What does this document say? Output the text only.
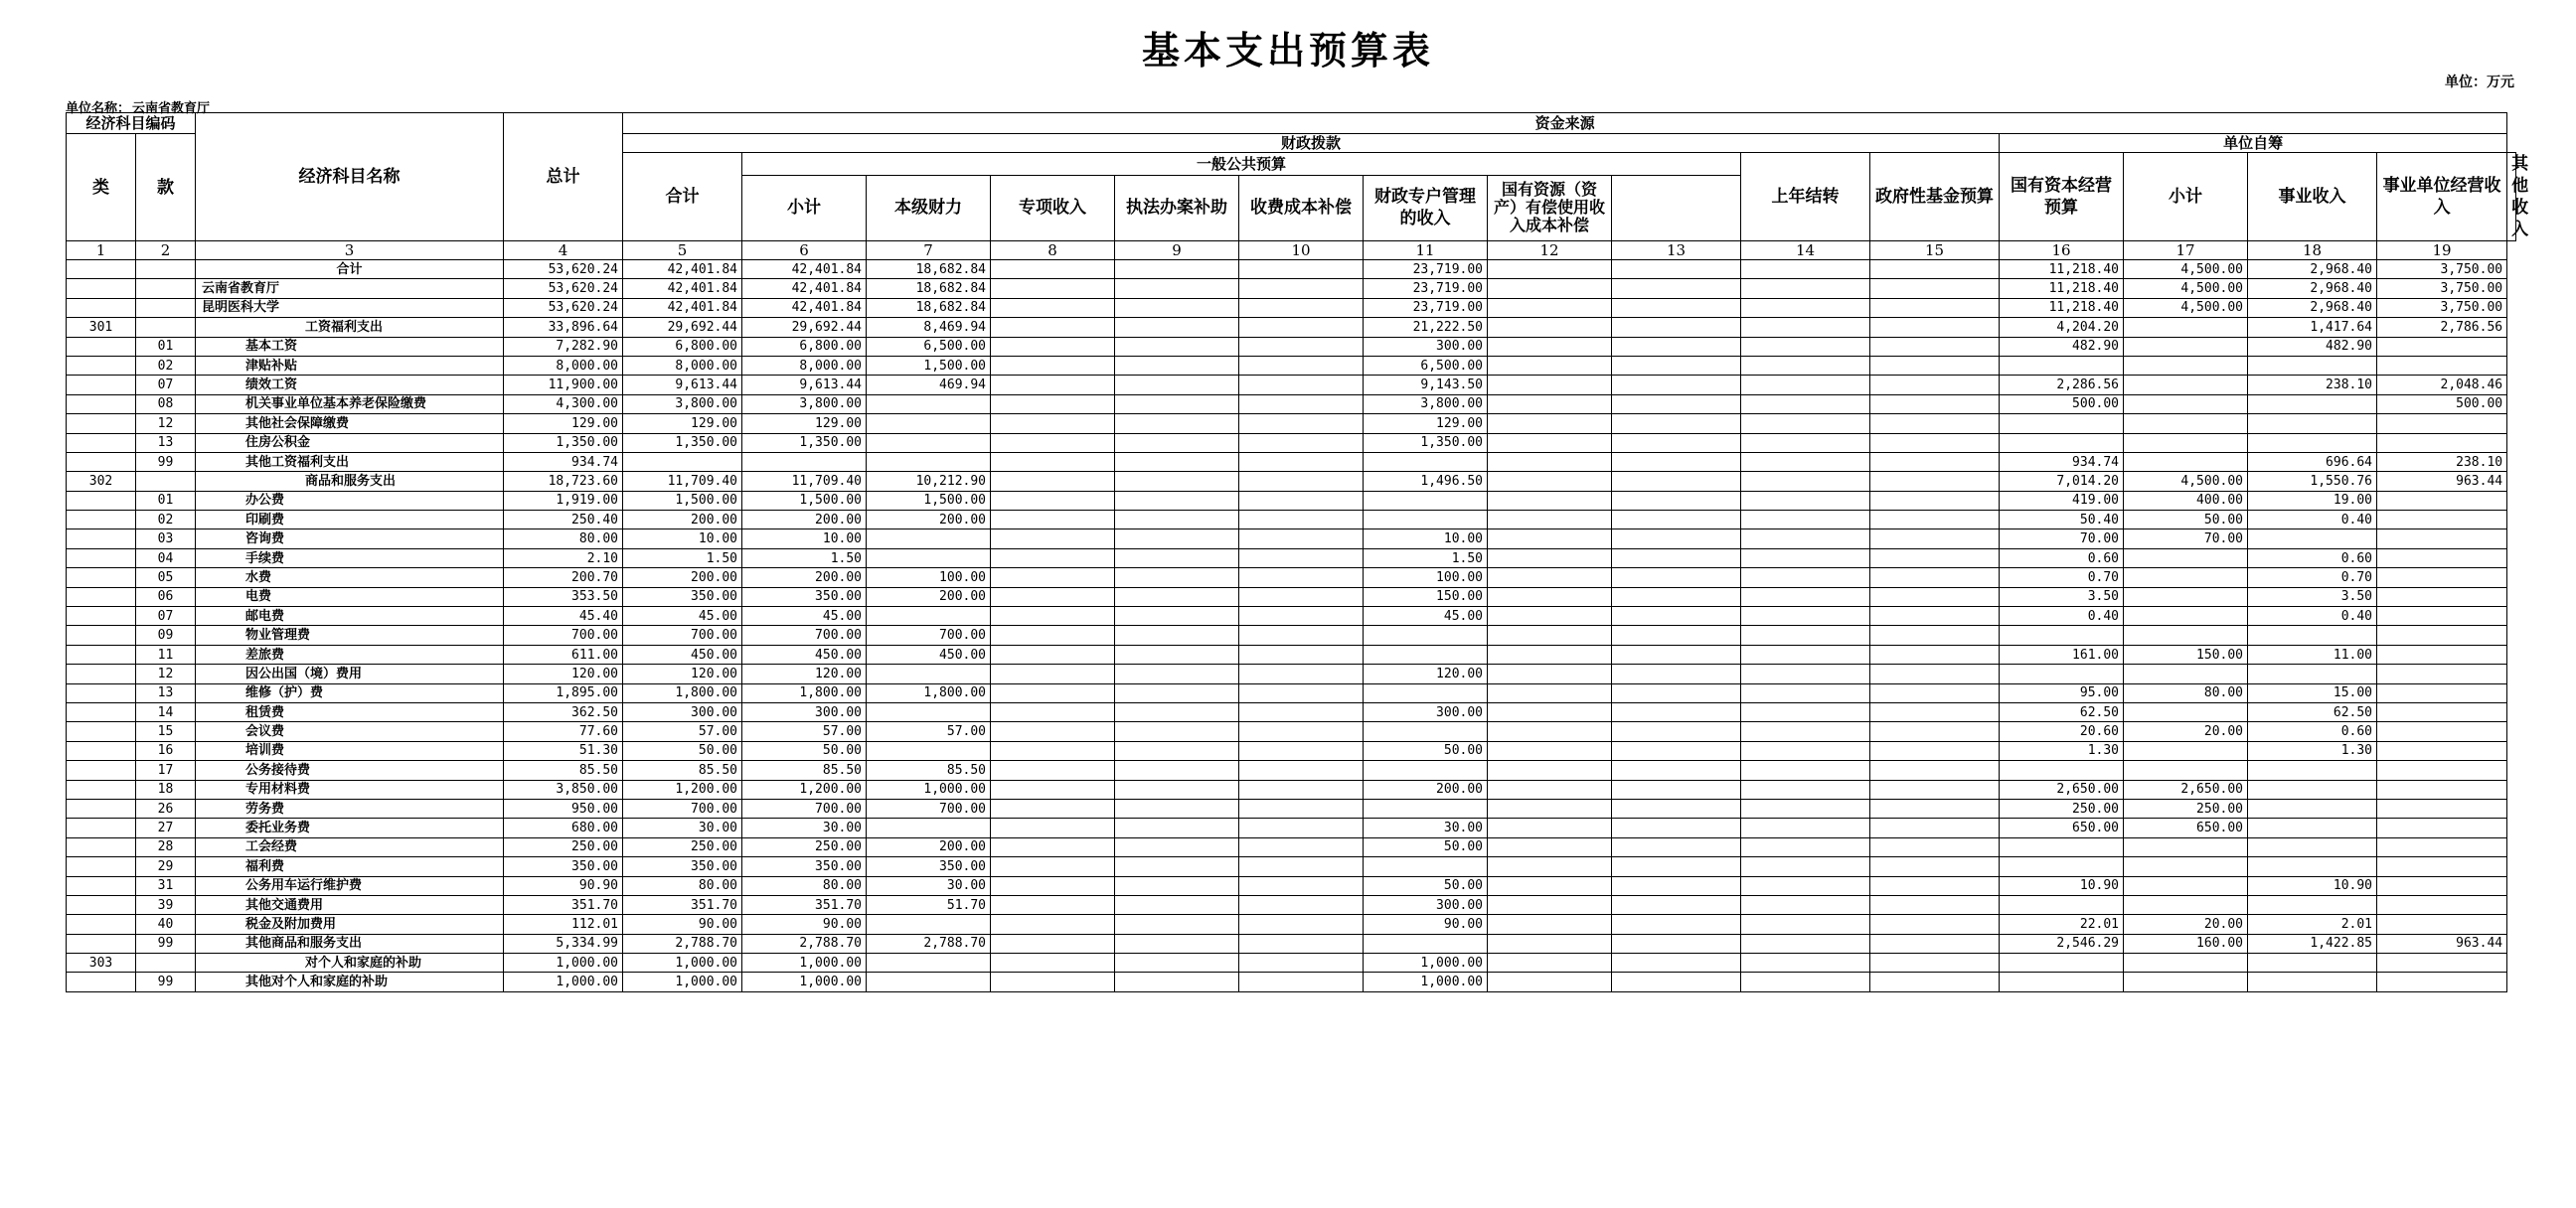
基本支出预算表
单位：万元
单位名称： 云南省教育厅
经济科目编码		经济科目名称	总计	资金来源															
类	款			财政拨款											单位自筹				
				合计	一般公共预算								上年结转	政府性基金预算	国有资本经营预算	小计	事业收入	事业单位经营收入	其他收入
					小计	本级财力	专项收入	执法办案补助	收费成本补偿	财政专户管理的收入	国有资源（资产）有偿使用收入成本补偿								
1	2	3	4	5	6	7	8	9	10	11	12	13	14	15	16	17	18	19	
		合计	53,620.24	42,401.84	42,401.84	18,682.84				23,719.00					11,218.40	4,500.00	2,968.40	3,750.00	
		云南省教育厅	53,620.24	42,401.84	42,401.84	18,682.84				23,719.00					11,218.40	4,500.00	2,968.40	3,750.00	
		昆明医科大学	53,620.24	42,401.84	42,401.84	18,682.84				23,719.00					11,218.40	4,500.00	2,968.40	3,750.00	
301		工资福利支出	33,896.64	29,692.44	29,692.44	8,469.94				21,222.50					4,204.20		1,417.64	2,786.56	
	01	基本工资	7,282.90	6,800.00	6,800.00	6,500.00				300.00					482.90		482.90		
	02	津贴补贴	8,000.00	8,000.00	8,000.00	1,500.00				6,500.00									
	07	绩效工资	11,900.00	9,613.44	9,613.44	469.94				9,143.50					2,286.56		238.10	2,048.46	
	08	机关事业单位基本养老保险缴费	4,300.00	3,800.00	3,800.00					3,800.00					500.00			500.00	
	12	其他社会保障缴费	129.00	129.00	129.00					129.00									
	13	住房公积金	1,350.00	1,350.00	1,350.00					1,350.00									
	99	其他工资福利支出	934.74												934.74		696.64	238.10	
302		商品和服务支出	18,723.60	11,709.40	11,709.40	10,212.90				1,496.50					7,014.20	4,500.00	1,550.76	963.44	
	01	办公费	1,919.00	1,500.00	1,500.00	1,500.00									419.00	400.00	19.00		
	02	印刷费	250.40	200.00	200.00	200.00									50.40	50.00	0.40		
	03	咨询费	80.00	10.00	10.00					10.00					70.00	70.00			
	04	手续费	2.10	1.50	1.50					1.50					0.60		0.60		
	05	水费	200.70	200.00	200.00	100.00				100.00					0.70		0.70		
	06	电费	353.50	350.00	350.00	200.00				150.00					3.50		3.50		
	07	邮电费	45.40	45.00	45.00					45.00					0.40		0.40		
	09	物业管理费	700.00	700.00	700.00	700.00													
	11	差旅费	611.00	450.00	450.00	450.00									161.00	150.00	11.00		
	12	因公出国（境）费用	120.00	120.00	120.00					120.00									
	13	维修（护）费	1,895.00	1,800.00	1,800.00	1,800.00									95.00	80.00	15.00		
	14	租赁费	362.50	300.00	300.00					300.00					62.50		62.50		
	15	会议费	77.60	57.00	57.00	57.00									20.60	20.00	0.60		
	16	培训费	51.30	50.00	50.00					50.00					1.30		1.30		
	17	公务接待费	85.50	85.50	85.50	85.50													
	18	专用材料费	3,850.00	1,200.00	1,200.00	1,000.00				200.00					2,650.00	2,650.00			
	26	劳务费	950.00	700.00	700.00	700.00									250.00	250.00			
	27	委托业务费	680.00	30.00	30.00					30.00					650.00	650.00			
	28	工会经费	250.00	250.00	250.00	200.00				50.00									
	29	福利费	350.00	350.00	350.00	350.00													
	31	公务用车运行维护费	90.90	80.00	80.00	30.00				50.00					10.90		10.90		
	39	其他交通费用	351.70	351.70	351.70	51.70				300.00									
	40	税金及附加费用	112.01	90.00	90.00					90.00					22.01	20.00	2.01		
	99	其他商品和服务支出	5,334.99	2,788.70	2,788.70	2,788.70									2,546.29	160.00	1,422.85	963.44	
303		对个人和家庭的补助	1,000.00	1,000.00	1,000.00					1,000.00									
	99	其他对个人和家庭的补助	1,000.00	1,000.00	1,000.00					1,000.00									
